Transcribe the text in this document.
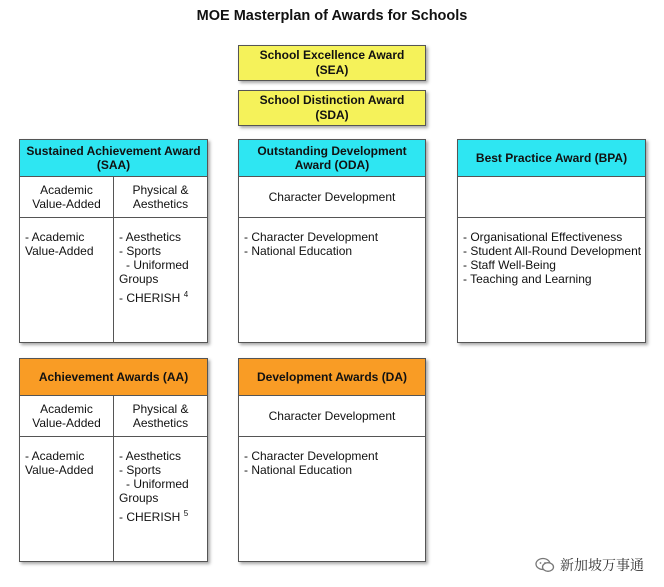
MOE Masterplan of Awards for Schools
School Excellence Award
(SEA)
School Distinction Award
(SDA)
Sustained Achievement Award
(SAA)
Academic
Value-Added
Physical &
Aesthetics
- Academic
Value-Added
- Aesthetics
- Sports
- Uniformed
Groups
- CHERISH $^4$
Outstanding Development
Award (ODA)
Character Development
- Character Development
- National Education
Best Practice Award (BPA)
- Organisational Effectiveness
- Student All-Round Development
- Staff Well-Being
- Teaching and Learning
Achievement Awards (AA)
Academic
Value-Added
Physical &
Aesthetics
- Academic
Value-Added
- Aesthetics
- Sports
- Uniformed
Groups
- CHERISH $^5$
Development Awards (DA)
Character Development
- Character Development
- National Education
新加坡万事通
